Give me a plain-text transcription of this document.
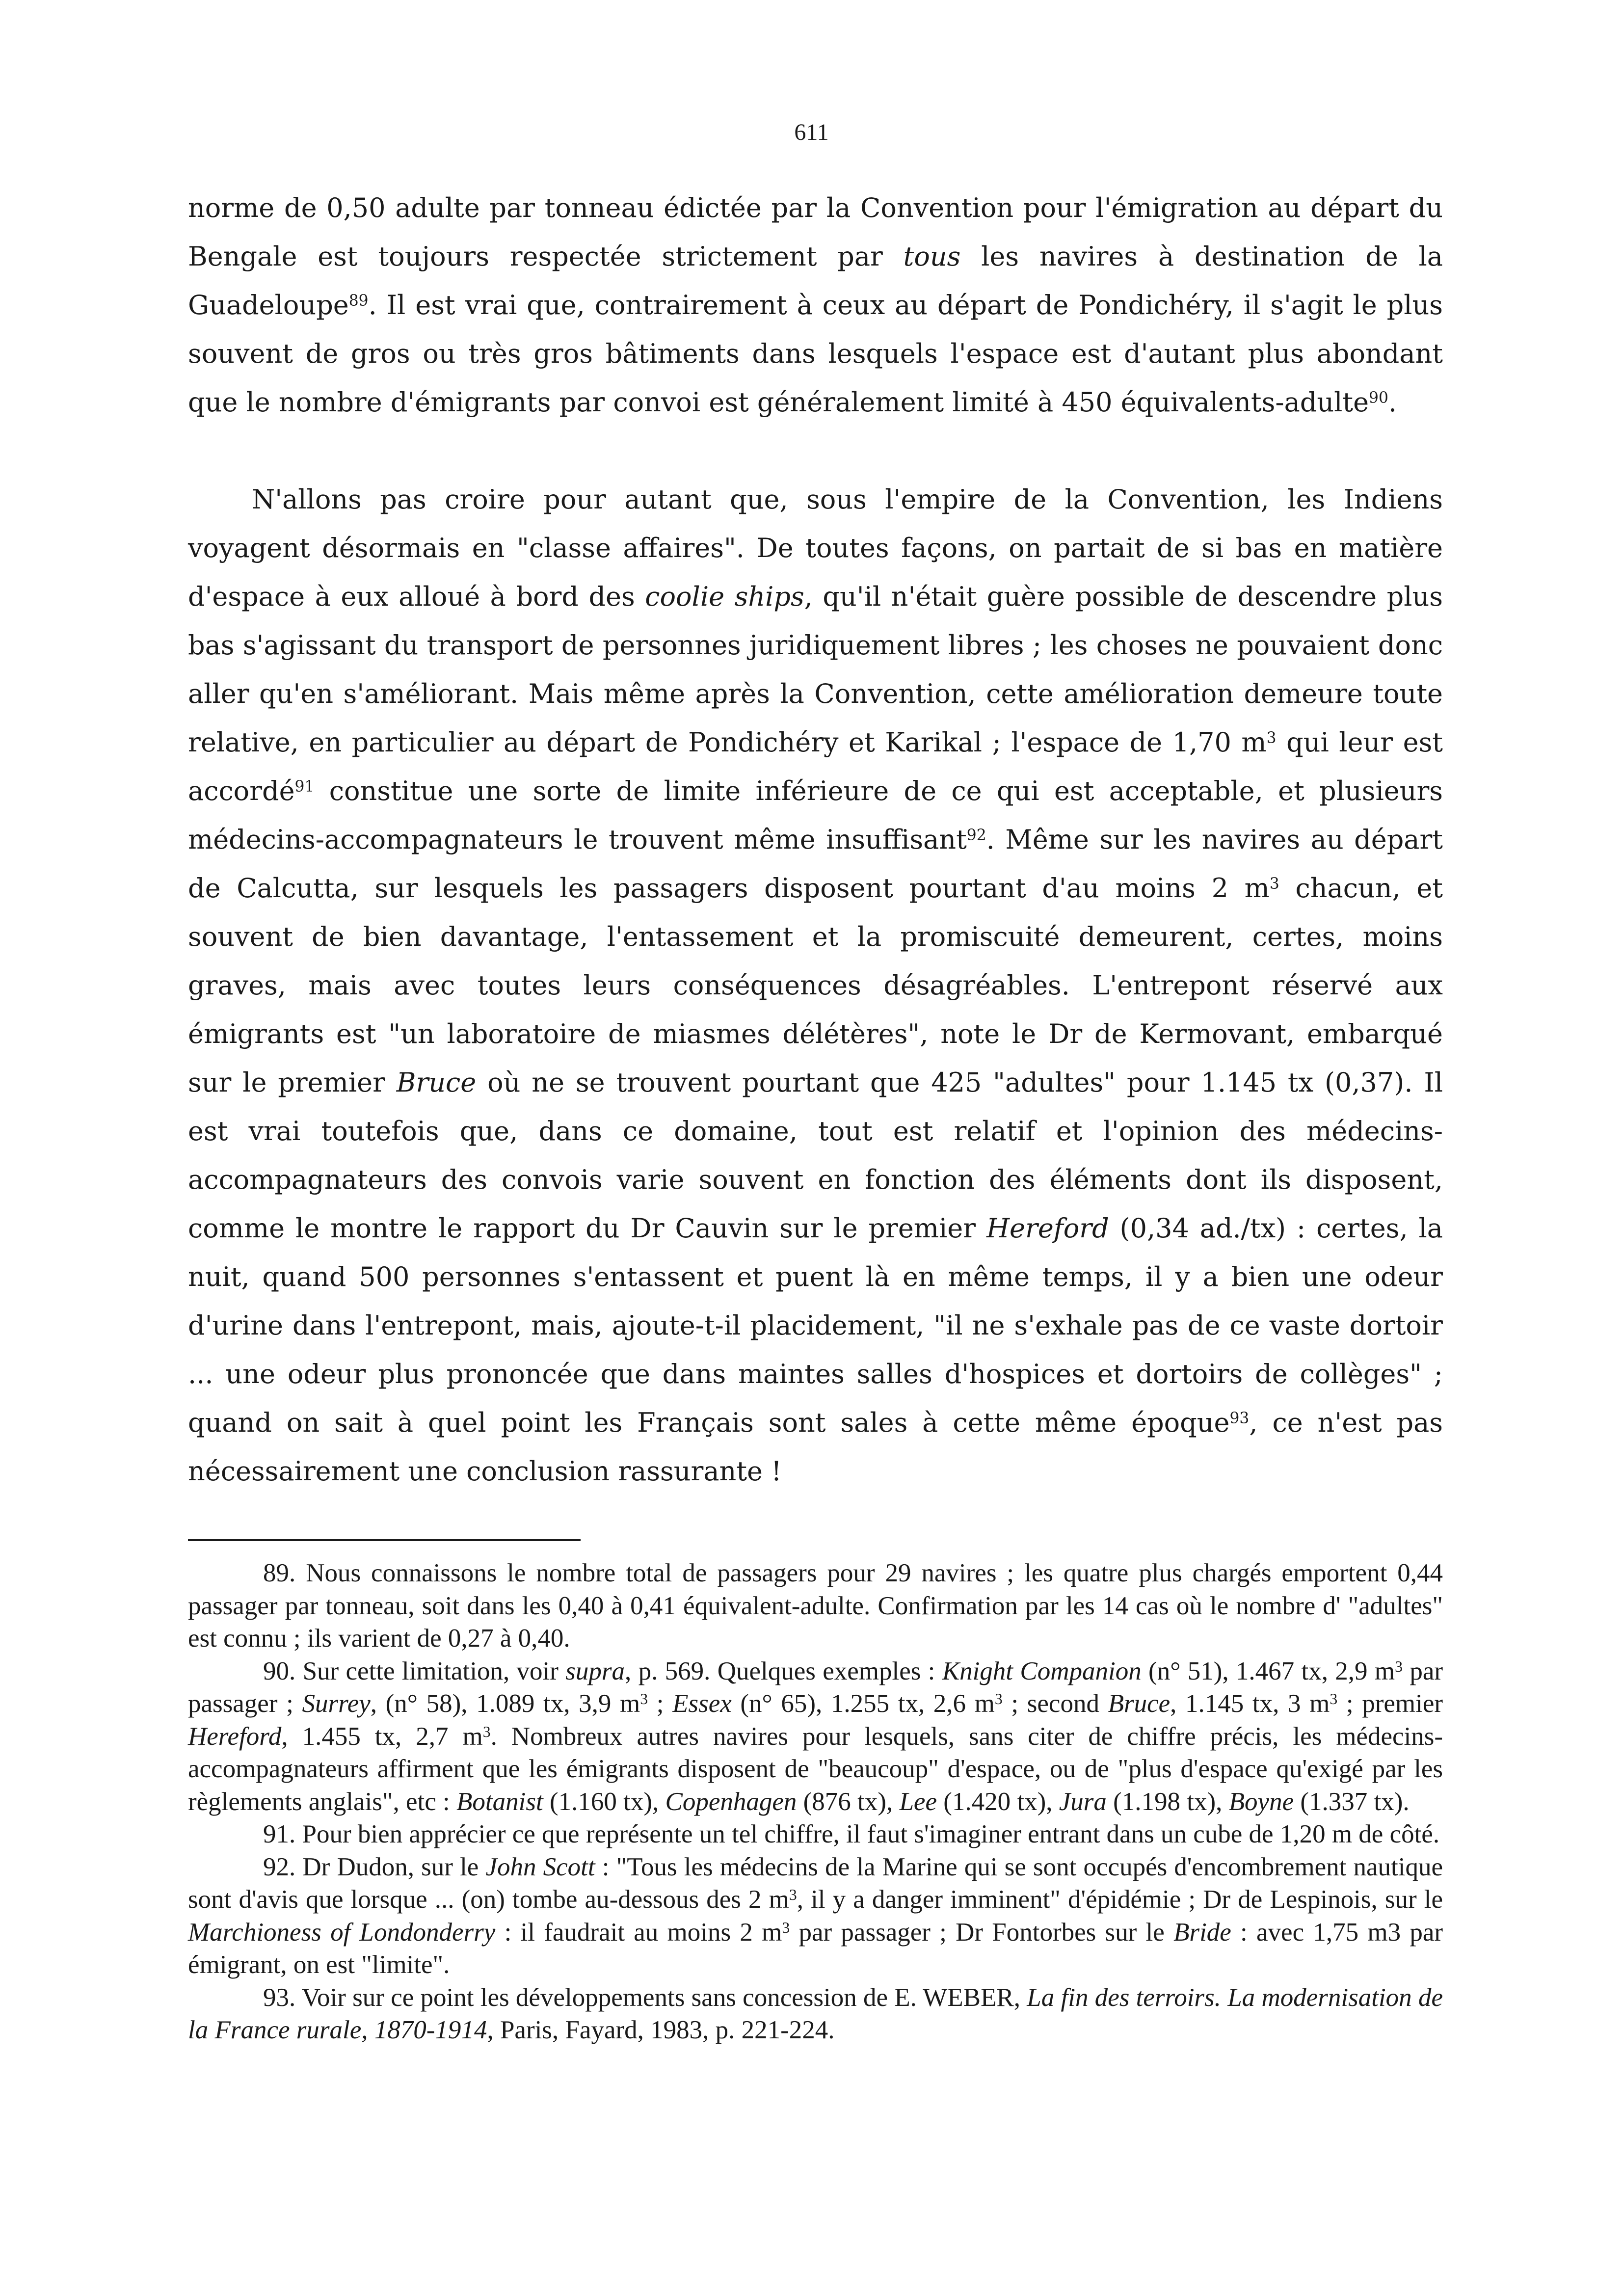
611

norme de 0,50 adulte par tonneau édictée par la Convention pour l'émigration au départ du Bengale est toujours respectée strictement par tous les navires à destination de la Guadeloupe$^{89}$. Il est vrai que, contrairement à ceux au départ de Pondichéry, il s'agit le plus souvent de gros ou très gros bâtiments dans lesquels l'espace est d'autant plus abondant que le nombre d'émigrants par convoi est généralement limité à 450 équivalents-adulte$^{90}$.

N'allons pas croire pour autant que, sous l'empire de la Convention, les Indiens voyagent désormais en "classe affaires". De toutes façons, on partait de si bas en matière d'espace à eux alloué à bord des coolie ships, qu'il n'était guère possible de descendre plus bas s'agissant du transport de personnes juridiquement libres ; les choses ne pouvaient donc aller qu'en s'améliorant. Mais même après la Convention, cette amélioration demeure toute relative, en particulier au départ de Pondichéry et Karikal ; l'espace de 1,70 $m^3$ qui leur est accordé$^{91}$ constitue une sorte de limite inférieure de ce qui est acceptable, et plusieurs médecins-accompagnateurs le trouvent même insuffisant$^{92}$. Même sur les navires au départ de Calcutta, sur lesquels les passagers disposent pourtant d'au moins 2 $m^3$ chacun, et souvent de bien davantage, l'entassement et la promiscuité demeurent, certes, moins graves, mais avec toutes leurs conséquences désagréables. L'entrepont réservé aux émigrants est "un laboratoire de miasmes délétères", note le Dr de Kermovant, embarqué sur le premier Bruce où ne se trouvent pourtant que 425 "adultes" pour 1.145 tx (0,37). Il est vrai toutefois que, dans ce domaine, tout est relatif et l'opinion des médecins-accompagnateurs des convois varie souvent en fonction des éléments dont ils disposent, comme le montre le rapport du Dr Cauvin sur le premier Hereford (0,34 ad./tx) : certes, la nuit, quand 500 personnes s'entassent et puent là en même temps, il y a bien une odeur d'urine dans l'entrepont, mais, ajoute-t-il placidement, "il ne s'exhale pas de ce vaste dortoir ... une odeur plus prononcée que dans maintes salles d'hospices et dortoirs de collèges" ; quand on sait à quel point les Français sont sales à cette même époque$^{93}$, ce n'est pas nécessairement une conclusion rassurante !

89. Nous connaissons le nombre total de passagers pour 29 navires ; les quatre plus chargés emportent 0,44 passager par tonneau, soit dans les 0,40 à 0,41 équivalent-adulte. Confirmation par les 14 cas où le nombre d' "adultes" est connu ; ils varient de 0,27 à 0,40.

90. Sur cette limitation, voir supra, p. 569. Quelques exemples : Knight Companion (n° 51), 1.467 tx, 2,9 $m^3$ par passager ; Surrey, (n° 58), 1.089 tx, 3,9 $m^3$ ; Essex (n° 65), 1.255 tx, 2,6 $m^3$ ; second Bruce, 1.145 tx, 3 $m^3$ ; premier Hereford, 1.455 tx, 2,7 $m^3$. Nombreux autres navires pour lesquels, sans citer de chiffre précis, les médecins-accompagnateurs affirment que les émigrants disposent de "beaucoup" d'espace, ou de "plus d'espace qu'exigé par les règlements anglais", etc : Botanist (1.160 tx), Copenhagen (876 tx), Lee (1.420 tx), Jura (1.198 tx), Boyne (1.337 tx).

91. Pour bien apprécier ce que représente un tel chiffre, il faut s'imaginer entrant dans un cube de 1,20 m de côté.

92. Dr Dudon, sur le John Scott : "Tous les médecins de la Marine qui se sont occupés d'encombrement nautique sont d'avis que lorsque ... (on) tombe au-dessous des 2 $m^3$, il y a danger imminent" d'épidémie ; Dr de Lespinois, sur le Marchioness of Londonderry : il faudrait au moins 2 $m^3$ par passager ; Dr Fontorbes sur le Bride : avec 1,75 m3 par émigrant, on est "limite".

93. Voir sur ce point les développements sans concession de E. WEBER, La fin des terroirs. La modernisation de la France rurale, 1870-1914, Paris, Fayard, 1983, p. 221-224.
